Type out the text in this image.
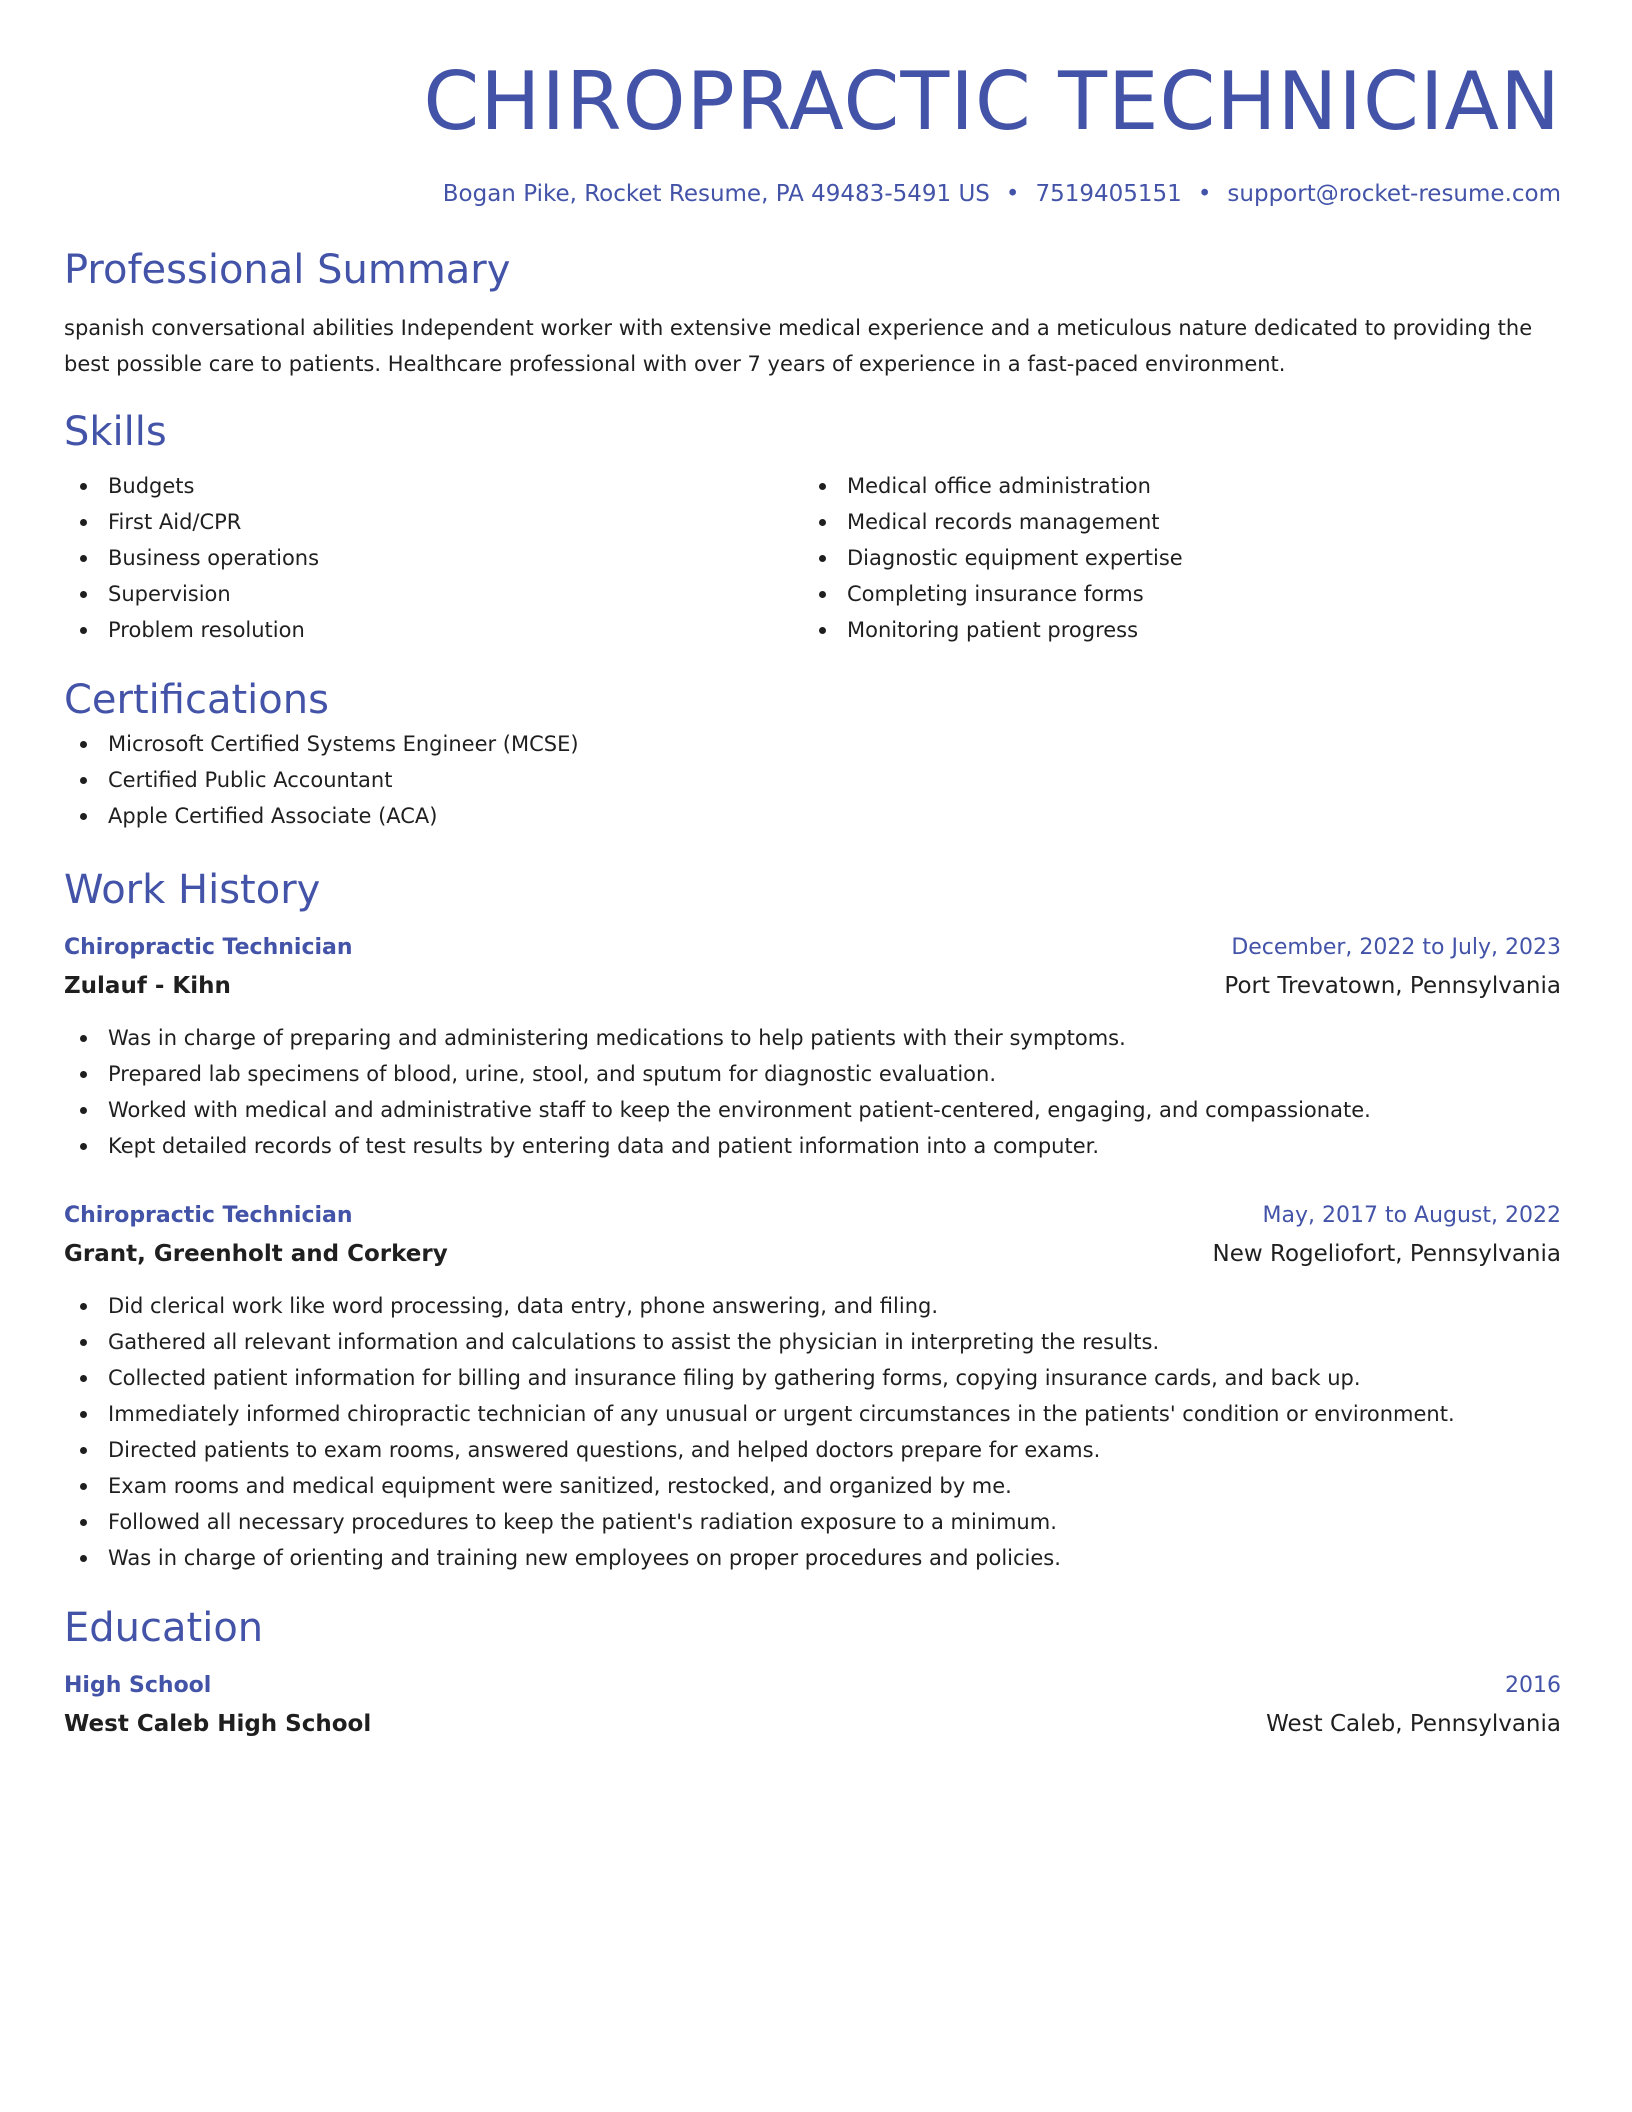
CHIROPRACTIC TECHNICIAN
Bogan Pike, Rocket Resume, PA 49483-5491 US • 7519405151 • support@rocket-resume.com
Professional Summary

spanish conversational abilities Independent worker with extensive medical experience and a meticulous nature dedicated to providing the best possible care to patients. Healthcare professional with over 7 years of experience in a fast-paced environment.

Skills
Budgets
First Aid/CPR
Business operations
Supervision
Problem resolution
Medical office administration
Medical records management
Diagnostic equipment expertise
Completing insurance forms
Monitoring patient progress
Certifications
Microsoft Certified Systems Engineer (MCSE)
Certified Public Accountant
Apple Certified Associate (ACA)
Work History
Chiropractic Technician	December, 2022 to July, 2023
Zulauf - Kihn	Port Trevatown, Pennsylvania
Was in charge of preparing and administering medications to help patients with their symptoms.
Prepared lab specimens of blood, urine, stool, and sputum for diagnostic evaluation.
Worked with medical and administrative staff to keep the environment patient-centered, engaging, and compassionate.
Kept detailed records of test results by entering data and patient information into a computer.
Chiropractic Technician	May, 2017 to August, 2022
Grant, Greenholt and Corkery	New Rogeliofort, Pennsylvania
Did clerical work like word processing, data entry, phone answering, and filing.
Gathered all relevant information and calculations to assist the physician in interpreting the results.
Collected patient information for billing and insurance filing by gathering forms, copying insurance cards, and back up.
Immediately informed chiropractic technician of any unusual or urgent circumstances in the patients' condition or environment.
Directed patients to exam rooms, answered questions, and helped doctors prepare for exams.
Exam rooms and medical equipment were sanitized, restocked, and organized by me.
Followed all necessary procedures to keep the patient's radiation exposure to a minimum.
Was in charge of orienting and training new employees on proper procedures and policies.
Education
High School	2016
West Caleb High School	West Caleb, Pennsylvania
